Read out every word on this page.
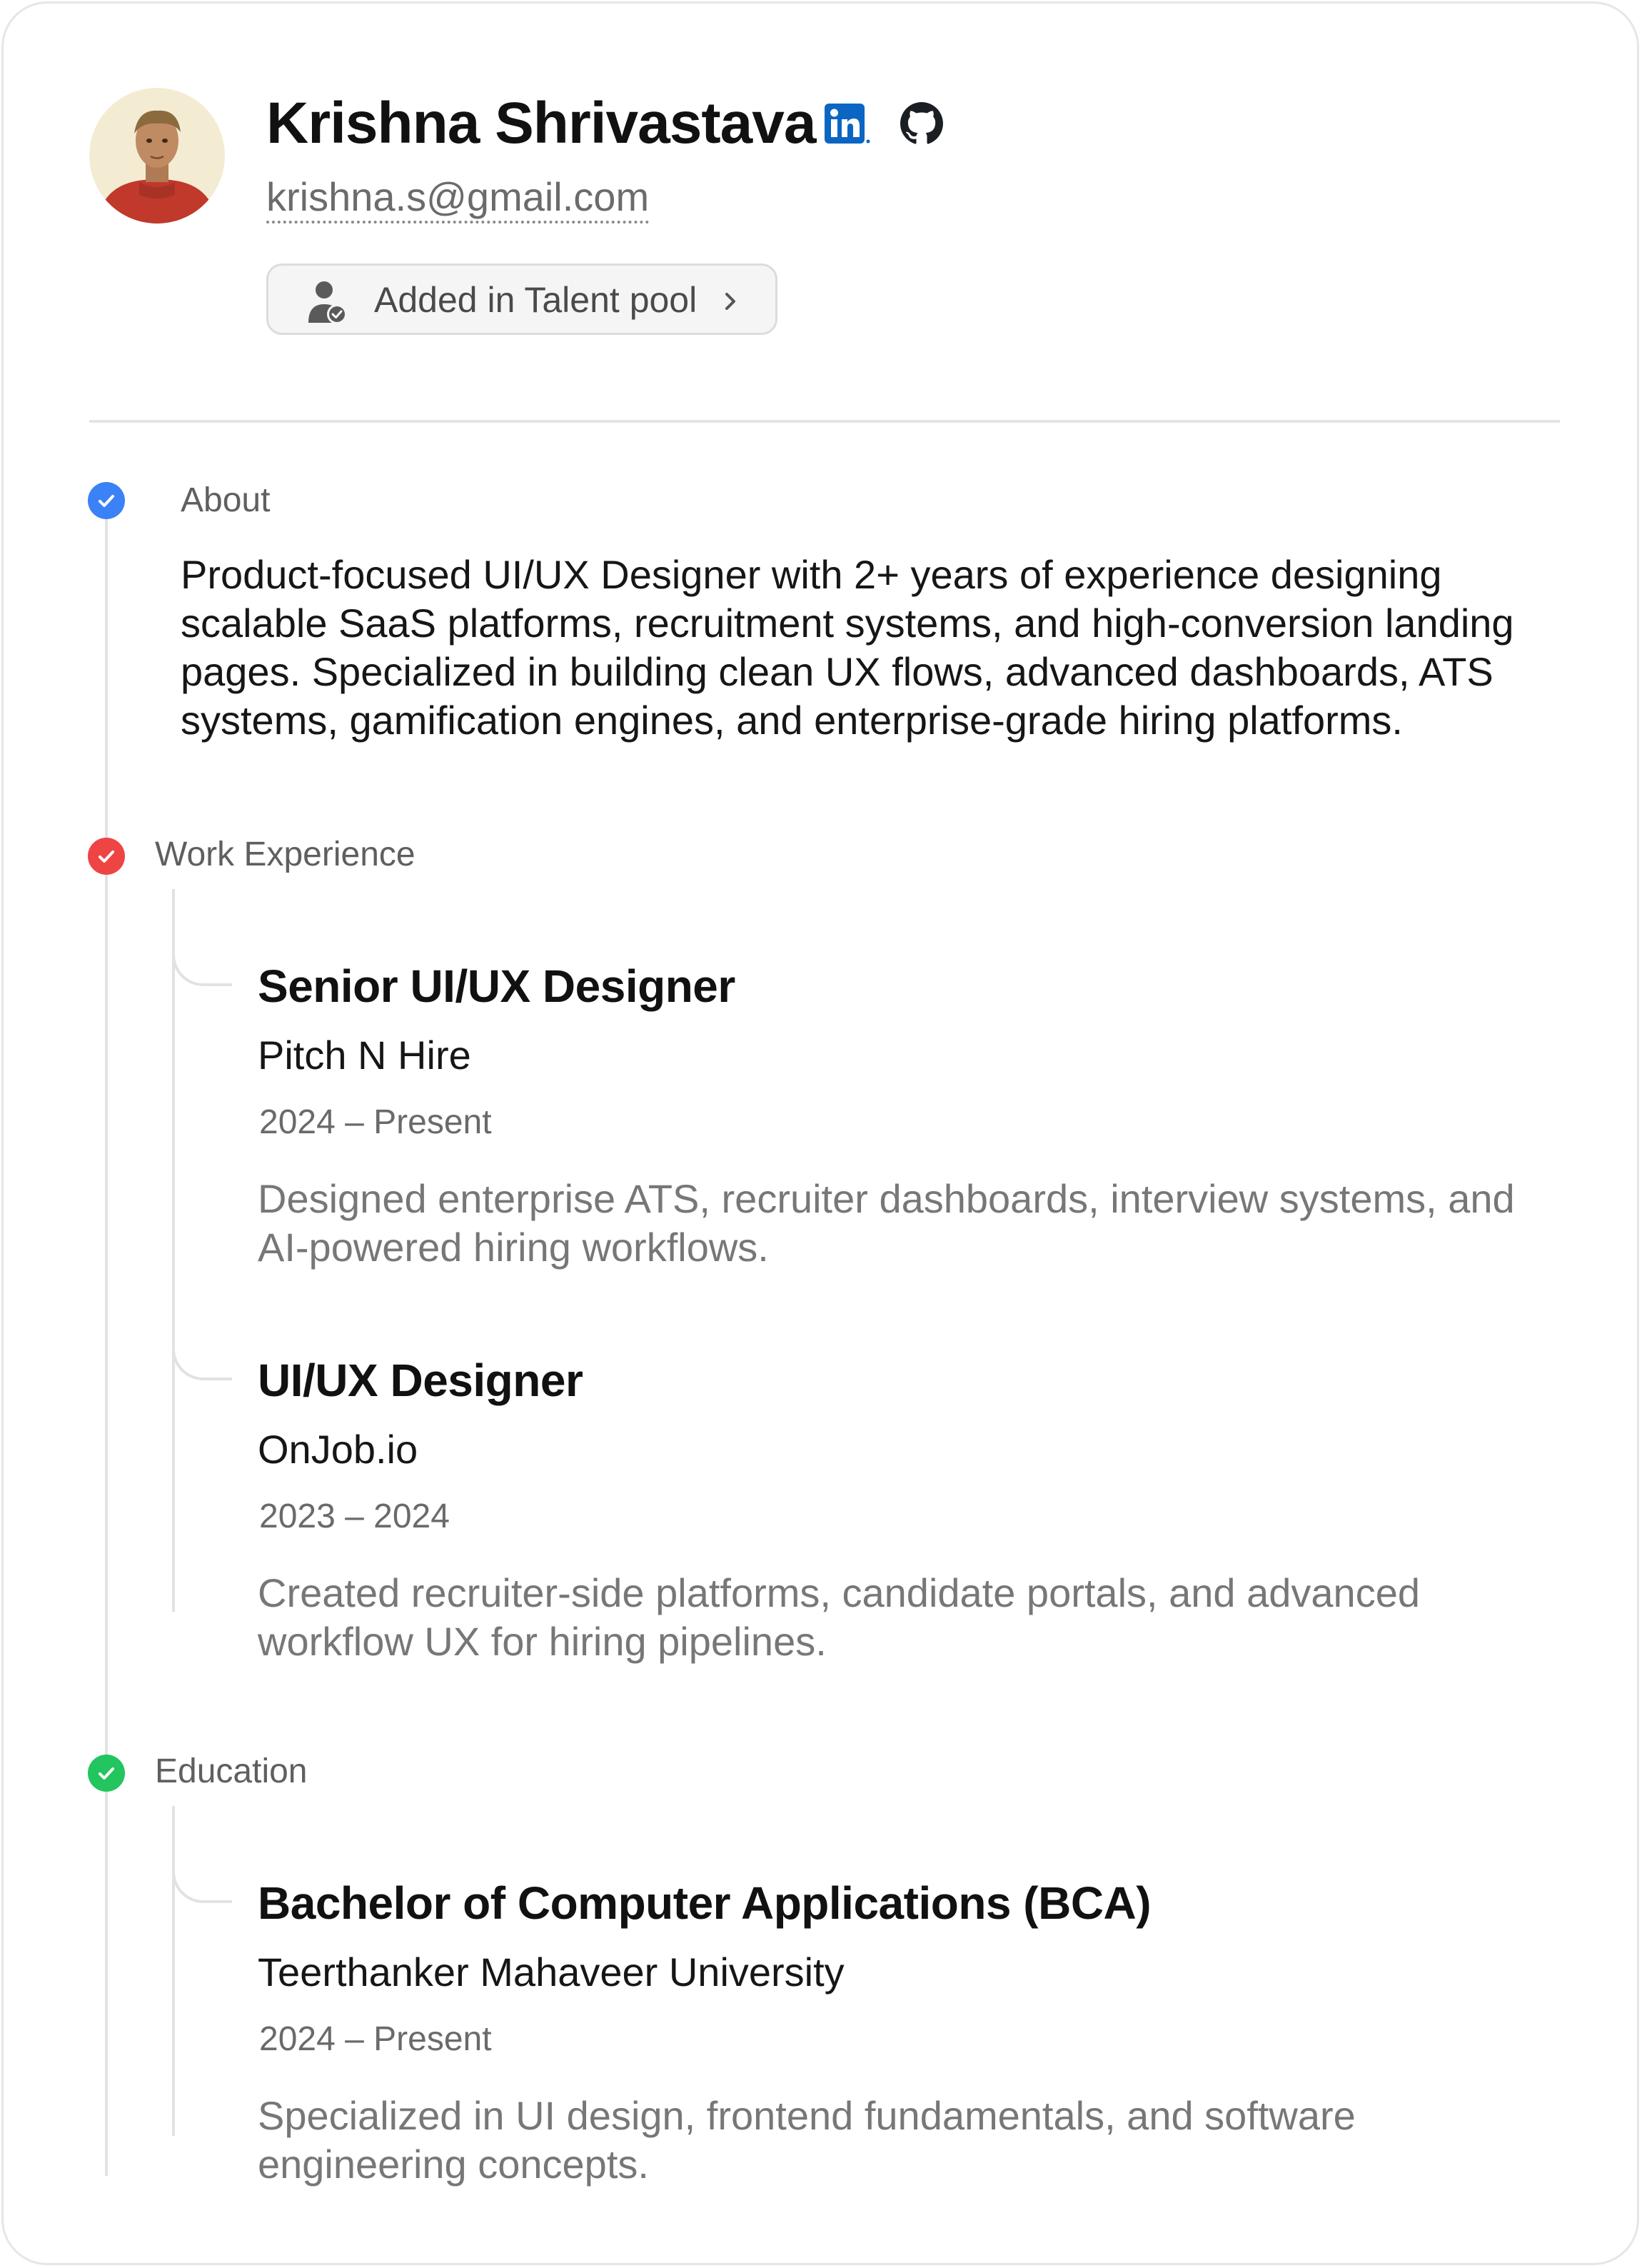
Krishna Shrivastava
krishna.s@gmail.com
Added in Talent pool
About
Product-focused UI/UX Designer with 2+ years of experience designing scalable SaaS platforms, recruitment systems, and high-conversion landing pages. Specialized in building clean UX flows, advanced dashboards, ATS systems, gamification engines, and enterprise-grade hiring platforms.
Work Experience
Senior UI/UX Designer
Pitch N Hire
2024 – Present
Designed enterprise ATS, recruiter dashboards, interview systems, and AI-powered hiring workflows.
UI/UX Designer
OnJob.io
2023 – 2024
Created recruiter-side platforms, candidate portals, and advanced workflow UX for hiring pipelines.
Education
Bachelor of Computer Applications (BCA)
Teerthanker Mahaveer University
2024 – Present
Specialized in UI design, frontend fundamentals, and software engineering concepts.
